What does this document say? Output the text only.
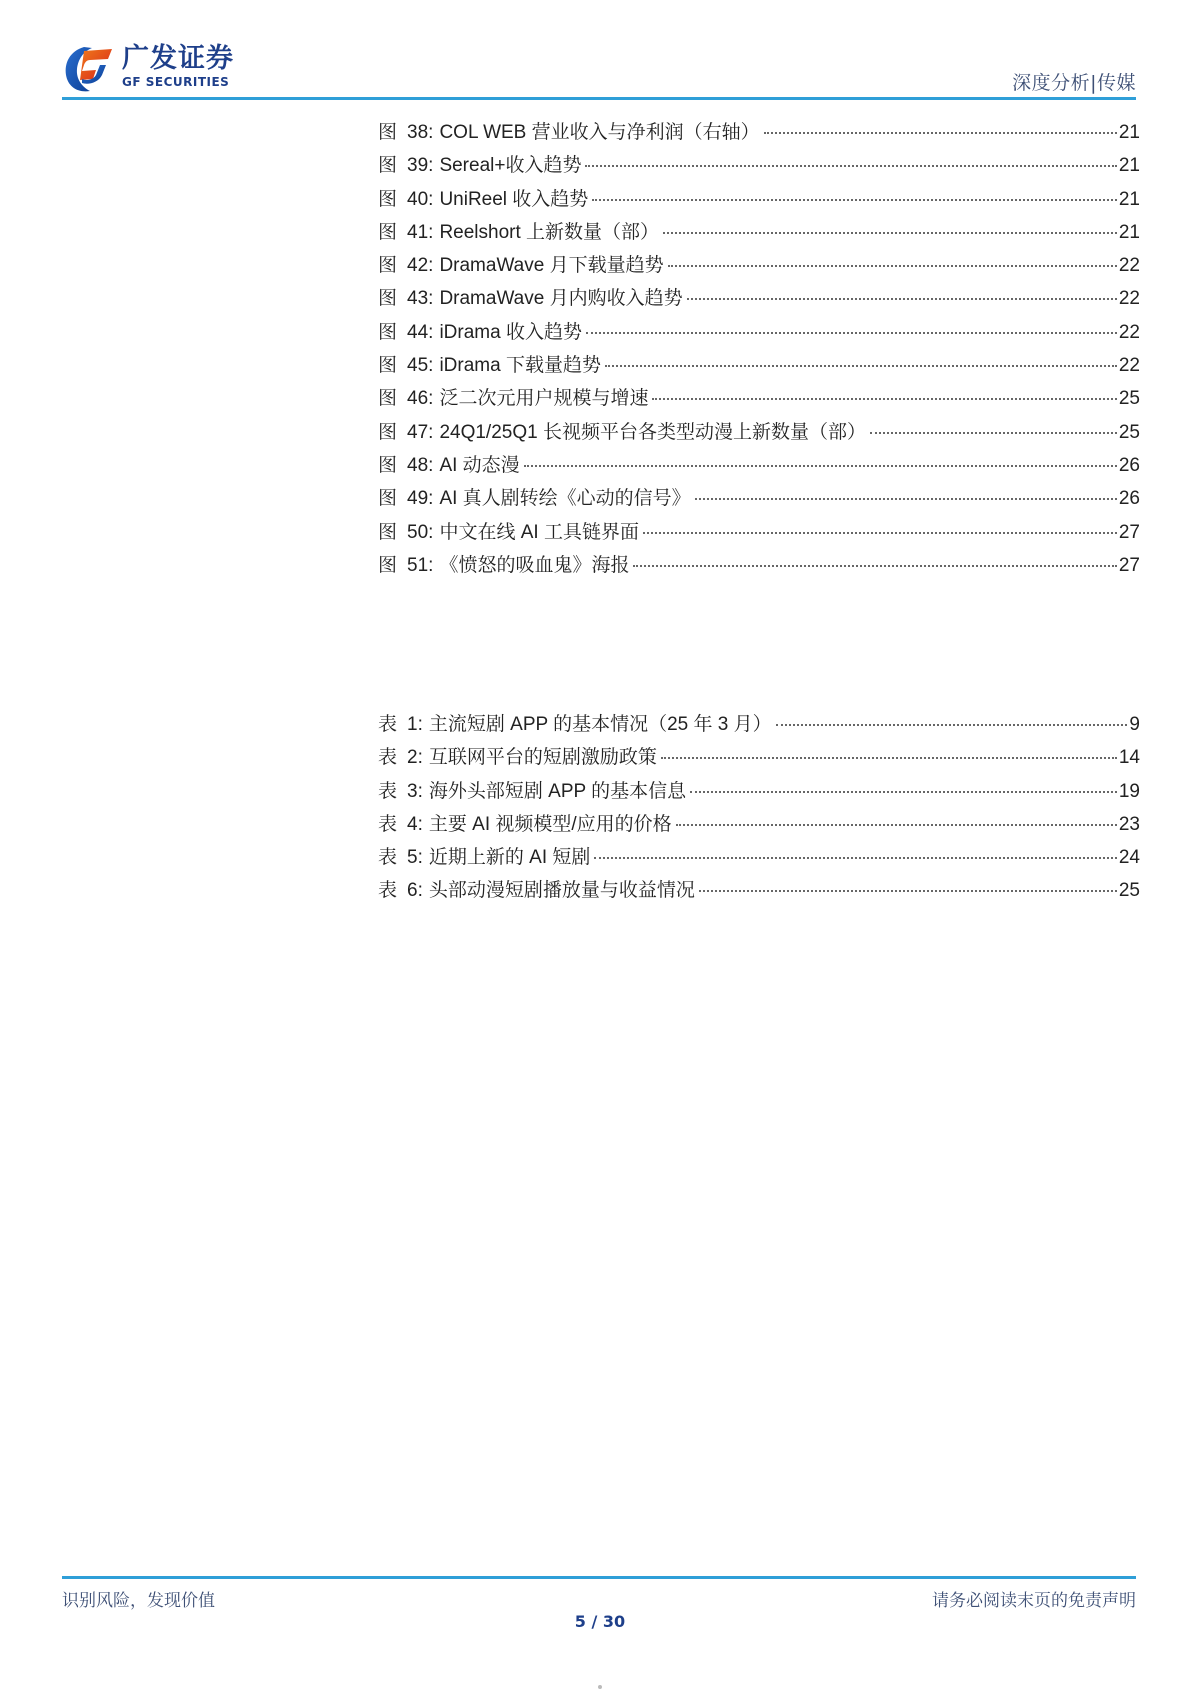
广发证券
GF SECURITIES	深度分析|传媒
图 38: COL WEB 营业收入与净利润（右轴）	21
图 39: Sereal+收入趋势	21
图 40: UniReel 收入趋势	21
图 41: Reelshort 上新数量（部）	21
图 42: DramaWave 月下载量趋势	22
图 43: DramaWave 月内购收入趋势	22
图 44: iDrama 收入趋势	22
图 45: iDrama 下载量趋势	22
图 46: 泛二次元用户规模与增速	25
图 47: 24Q1/25Q1 长视频平台各类型动漫上新数量（部）	25
图 48: AI 动态漫	26
图 49: AI 真人剧转绘《心动的信号》	26
图 50: 中文在线 AI 工具链界面	27
图 51: 《愤怒的吸血鬼》海报	27
表 1: 主流短剧 APP 的基本情况（25 年 3 月）	9
表 2: 互联网平台的短剧激励政策	14
表 3: 海外头部短剧 APP 的基本信息	19
表 4: 主要 AI 视频模型/应用的价格	23
表 5: 近期上新的 AI 短剧	24
表 6: 头部动漫短剧播放量与收益情况	25
识别风险，发现价值	请务必阅读末页的免责声明
5 / 30
